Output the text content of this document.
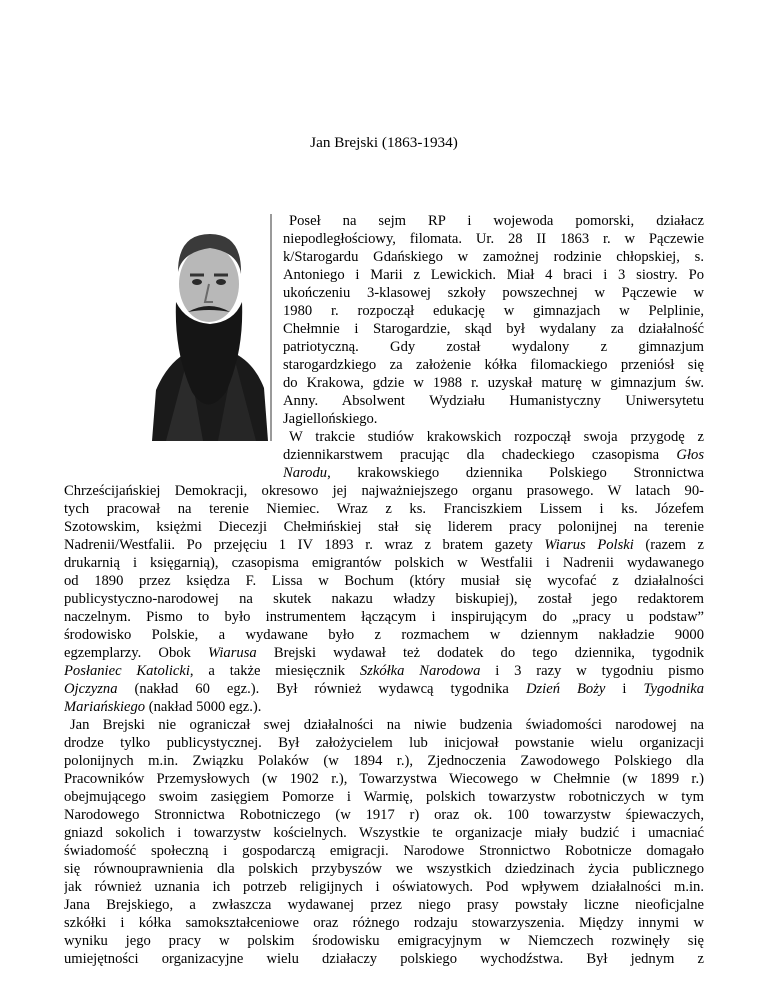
Jan Brejski (1863-1934)
Poseł na sejm RP i wojewoda pomorski, działacz
niepodległościowy, filomata. Ur. 28 II 1863 r. w Pączewie
k/Starogardu Gdańskiego w zamożnej rodzinie chłopskiej, s.
Antoniego i Marii z Lewickich. Miał 4 braci i 3 siostry. Po
ukończeniu 3-klasowej szkoły powszechnej w Pączewie w
1980 r. rozpoczął edukację w gimnazjach w Pelplinie,
Chełmnie i Starogardzie, skąd był wydalany za działalność
patriotyczną. Gdy został wydalony z gimnazjum
starogardzkiego za założenie kółka filomackiego przeniósł się
do Krakowa, gdzie w 1988 r. uzyskał maturę w gimnazjum św.
Anny. Absolwent Wydziału Humanistyczny Uniwersytetu
Jagiellońskiego.
W trakcie studiów krakowskich rozpoczął swoja przygodę z
dziennikarstwem pracując dla chadeckiego czasopisma Głos
Narodu, krakowskiego dziennika Polskiego Stronnictwa
Chrześcijańskiej Demokracji, okresowo jej najważniejszego organu prasowego. W latach 90-
tych pracował na terenie Niemiec. Wraz z ks. Franciszkiem Lissem i ks. Józefem
Szotowskim, księżmi Diecezji Chełmińskiej stał się liderem pracy polonijnej na terenie
Nadrenii/Westfalii. Po przejęciu 1 IV 1893 r. wraz z bratem gazety Wiarus Polski (razem z
drukarnią i księgarnią), czasopisma emigrantów polskich w Westfalii i Nadrenii wydawanego
od 1890 przez księdza F. Lissa w Bochum (który musiał się wycofać z działalności
publicystyczno-narodowej na skutek nakazu władzy biskupiej), został jego redaktorem
naczelnym. Pismo to było instrumentem łączącym i inspirującym do „pracy u podstaw”
środowisko Polskie, a wydawane było z rozmachem w dziennym nakładzie 9000
egzemplarzy. Obok Wiarusa Brejski wydawał też dodatek do tego dziennika, tygodnik
Posłaniec Katolicki, a także miesięcznik Szkółka Narodowa i 3 razy w tygodniu pismo
Ojczyzna (nakład 60 egz.). Był również wydawcą tygodnika Dzień Boży i Tygodnika
Mariańskiego (nakład 5000 egz.).
Jan Brejski nie ograniczał swej działalności na niwie budzenia świadomości narodowej na
drodze tylko publicystycznej. Był założycielem lub inicjował powstanie wielu organizacji
polonijnych m.in. Związku Polaków (w 1894 r.), Zjednoczenia Zawodowego Polskiego dla
Pracowników Przemysłowych (w 1902 r.), Towarzystwa Wiecowego w Chełmnie (w 1899 r.)
obejmującego swoim zasięgiem Pomorze i Warmię, polskich towarzystw robotniczych w tym
Narodowego Stronnictwa Robotniczego (w 1917 r) oraz ok. 100 towarzystw śpiewaczych,
gniazd sokolich i towarzystw kościelnych. Wszystkie te organizacje miały budzić i umacniać
świadomość społeczną i gospodarczą emigracji. Narodowe Stronnictwo Robotnicze domagało
się równouprawnienia dla polskich przybyszów we wszystkich dziedzinach życia publicznego
jak również uznania ich potrzeb religijnych i oświatowych. Pod wpływem działalności m.in.
Jana Brejskiego, a zwłaszcza wydawanej przez niego prasy powstały liczne nieoficjalne
szkółki i kółka samokształceniowe oraz różnego rodzaju stowarzyszenia. Między innymi w
wyniku jego pracy w polskim środowisku emigracyjnym w Niemczech rozwinęły się
umiejętności organizacyjne wielu działaczy polskiego wychodźstwa. Był jednym z
